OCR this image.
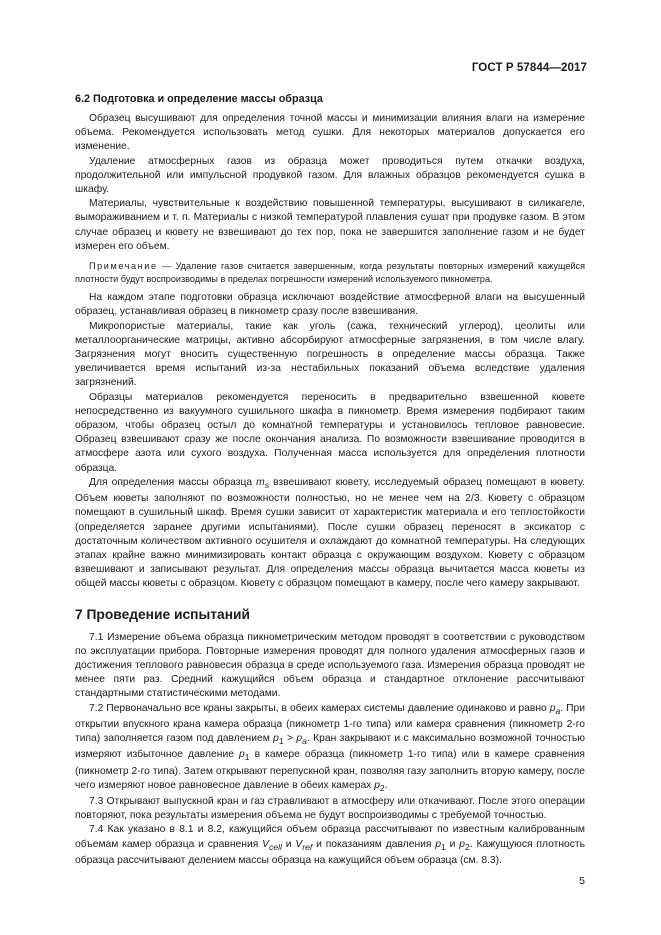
ГОСТ Р 57844—2017
6.2 Подготовка и определение массы образца

Образец высушивают для определения точной массы и минимизации влияния влаги на измерение объема. Рекомендуется использовать метод сушки. Для некоторых материалов допускается его изменение.

Удаление атмосферных газов из образца может проводиться путем откачки воздуха, продолжительной или импульсной продувкой газом. Для влажных образцов рекомендуется сушка в шкафу.

Материалы, чувствительные к воздействию повышенной температуры, высушивают в силикагеле, вымораживанием и т. п. Материалы с низкой температурой плавления сушат при продувке газом. В этом случае образец и кювету не взвешивают до тех пор, пока не завершится заполнение газом и не будет измерен его объем.

Примечание — Удаление газов считается завершенным, когда результаты повторных измерений кажущейся плотности будут воспроизводимы в пределах погрешности измерений используемого пикнометра.

На каждом этапе подготовки образца исключают воздействие атмосферной влаги на высушенный образец, устанавливая образец в пикнометр сразу после взвешивания.

Микропористые материалы, такие как уголь (сажа, технический углерод), цеолиты или металлоорганические матрицы, активно абсорбируют атмосферные загрязнения, в том числе влагу. Загрязнения могут вносить существенную погрешность в определение массы образца. Также увеличивается время испытаний из-за нестабильных показаний объема вследствие удаления загрязнений.

Образцы материалов рекомендуется переносить в предварительно взвешенной кювете непосредственно из вакуумного сушильного шкафа в пикнометр. Время измерения подбирают таким образом, чтобы образец остыл до комнатной температуры и установилось тепловое равновесие. Образец взвешивают сразу же после окончания анализа. По возможности взвешивание проводится в атмосфере азота или сухого воздуха. Полученная масса используется для определения плотности образца.

Для определения массы образца $m_s$ взвешивают кювету, исследуемый образец помещают в кювету. Объем кюветы заполняют по возможности полностью, но не менее чем на 2/3. Кювету с образцом помещают в сушильный шкаф. Время сушки зависит от характеристик материала и его теплостойкости (определяется заранее другими испытаниями). После сушки образец переносят в эксикатор с достаточным количеством активного осушителя и охлаждают до комнатной температуры. На следующих этапах крайне важно минимизировать контакт образца с окружающим воздухом. Кювету с образцом взвешивают и записывают результат. Для определения массы образца вычитается масса кюветы из общей массы кюветы с образцом. Кювету с образцом помещают в камеру, после чего камеру закрывают.

7 Проведение испытаний

7.1 Измерение объема образца пикнометрическим методом проводят в соответствии с руководством по эксплуатации прибора. Повторные измерения проводят для полного удаления атмосферных газов и достижения теплового равновесия образца в среде используемого газа. Измерения образца проводят не менее пяти раз. Средний кажущийся объем образца и стандартное отклонение рассчитывают стандартными статистическими методами.

7.2 Первоначально все краны закрыты, в обеих камерах системы давление одинаково и равно $p_a$. При открытии впускного крана камера образца (пикнометр 1-го типа) или камера сравнения (пикнометр 2-го типа) заполняется газом под давлением $p_1 > p_a$. Кран закрывают и с максимально возможной точностью измеряют избыточное давление $p_1$ в камере образца (пикнометр 1-го типа) или в камере сравнения (пикнометр 2-го типа). Затем открывают перепускной кран, позволяя газу заполнить вторую камеру, после чего измеряют новое равновесное давление в обеих камерах $p_2$.

7.3 Открывают выпускной кран и газ стравливают в атмосферу или откачивают. После этого операции повторяют, пока результаты измерения объема не будут воспроизводимы с требуемой точностью.

7.4 Как указано в 8.1 и 8.2, кажущийся объем образца рассчитывают по известным калиброванным объемам камер образца и сравнения $V_{cell}$ и $V_{ref}$ и показаниям давления $p_1$ и $p_2$. Кажущуюся плотность образца рассчитывают делением массы образца на кажущийся объем образца (см. 8.3).

5
